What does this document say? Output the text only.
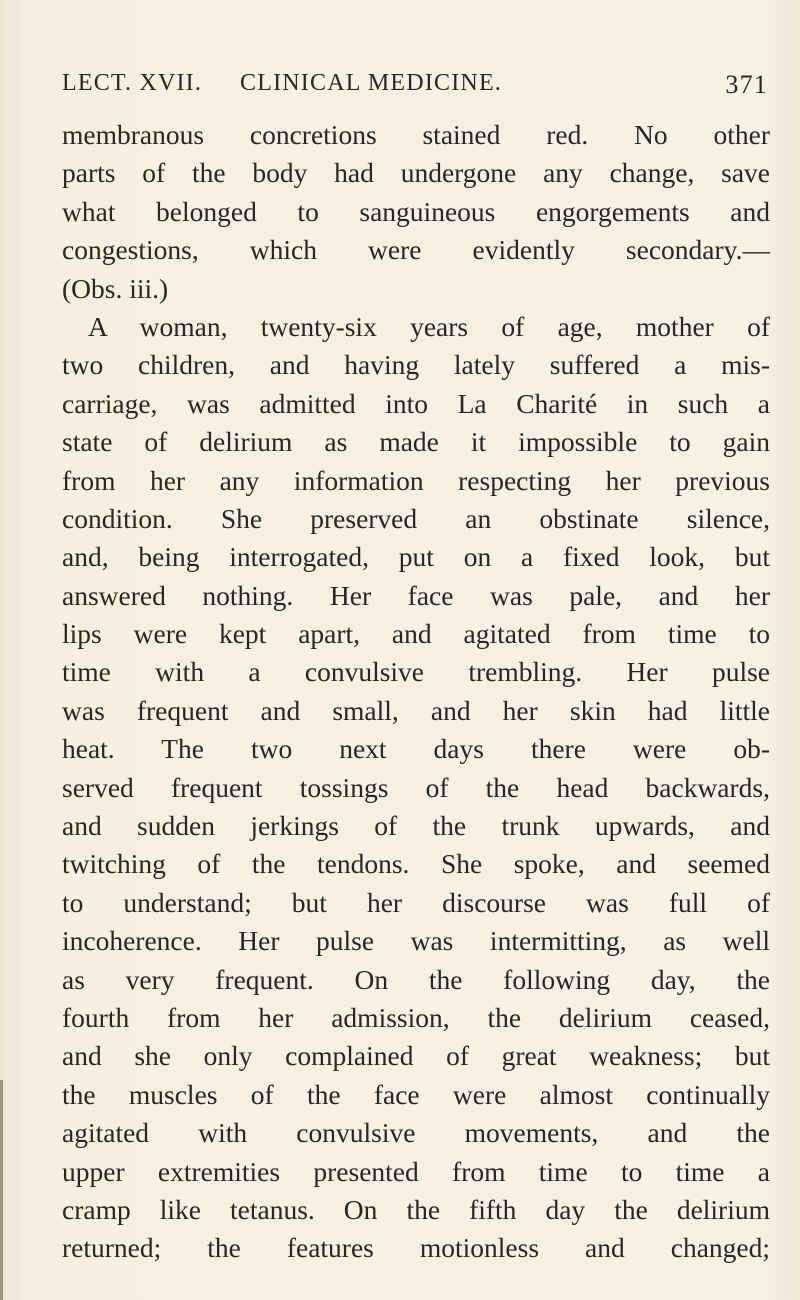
LECT. XVII. CLINICAL MEDICINE.	371
membranous concretions stained red. No other
parts of the body had undergone any change, save
what belonged to sanguineous engorgements and
congestions, which were evidently secondary.—
(Obs. iii.)
A woman, twenty-six years of age, mother of
two children, and having lately suffered a mis-
carriage, was admitted into La Charité in such a
state of delirium as made it impossible to gain
from her any information respecting her previous
condition. She preserved an obstinate silence,
and, being interrogated, put on a fixed look, but
answered nothing. Her face was pale, and her
lips were kept apart, and agitated from time to
time with a convulsive trembling. Her pulse
was frequent and small, and her skin had little
heat. The two next days there were ob-
served frequent tossings of the head backwards,
and sudden jerkings of the trunk upwards, and
twitching of the tendons. She spoke, and seemed
to understand; but her discourse was full of
incoherence. Her pulse was intermitting, as well
as very frequent. On the following day, the
fourth from her admission, the delirium ceased,
and she only complained of great weakness; but
the muscles of the face were almost continually
agitated with convulsive movements, and the
upper extremities presented from time to time a
cramp like tetanus. On the fifth day the delirium
returned; the features motionless and changed;
